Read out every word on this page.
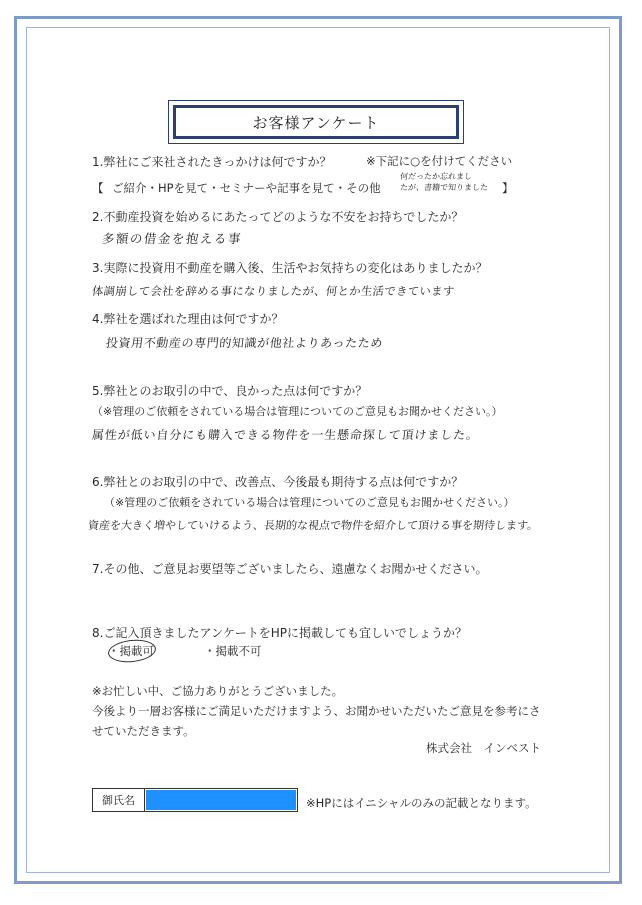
お客様アンケート
1.弊社にご来社されたきっかけは何ですか？	※下記に○を付けてください
【 ご紹介・HPを見て・セミナーや記事を見て・その他
何だったか忘れまし
たが、書籍で知りました 】
2.不動産投資を始めるにあたってどのような不安をお持ちでしたか？
多額の借金を抱える事
3.実際に投資用不動産を購入後、生活やお気持ちの変化はありましたか？
体調崩して会社を辞める事になりましたが、何とか生活できています
4.弊社を選ばれた理由は何ですか？
投資用不動産の専門的知識が他社よりあったため
5.弊社とのお取引の中で、良かった点は何ですか？
（※管理のご依頼をされている場合は管理についてのご意見もお聞かせください。）
属性が低い自分にも購入できる物件を一生懸命探して頂けました。
6.弊社とのお取引の中で、改善点、今後最も期待する点は何ですか？
（※管理のご依頼をされている場合は管理についてのご意見もお聞かせください。）
資産を大きく増やしていけるよう、長期的な視点で物件を紹介して頂ける事を期待します。
7.その他、ご意見お要望等ございましたら、遠慮なくお聞かせください。
8.ご記入頂きましたアンケートをHPに掲載しても宜しいでしょうか？
・掲載可	・掲載不可
※お忙しい中、ご協力ありがとうございました。
今後より一層お客様にご満足いただけますよう、お聞かせいただいたご意見を参考にさ
せていただきます。
株式会社　インベスト
御氏名	※HPにはイニシャルのみの記載となります。
